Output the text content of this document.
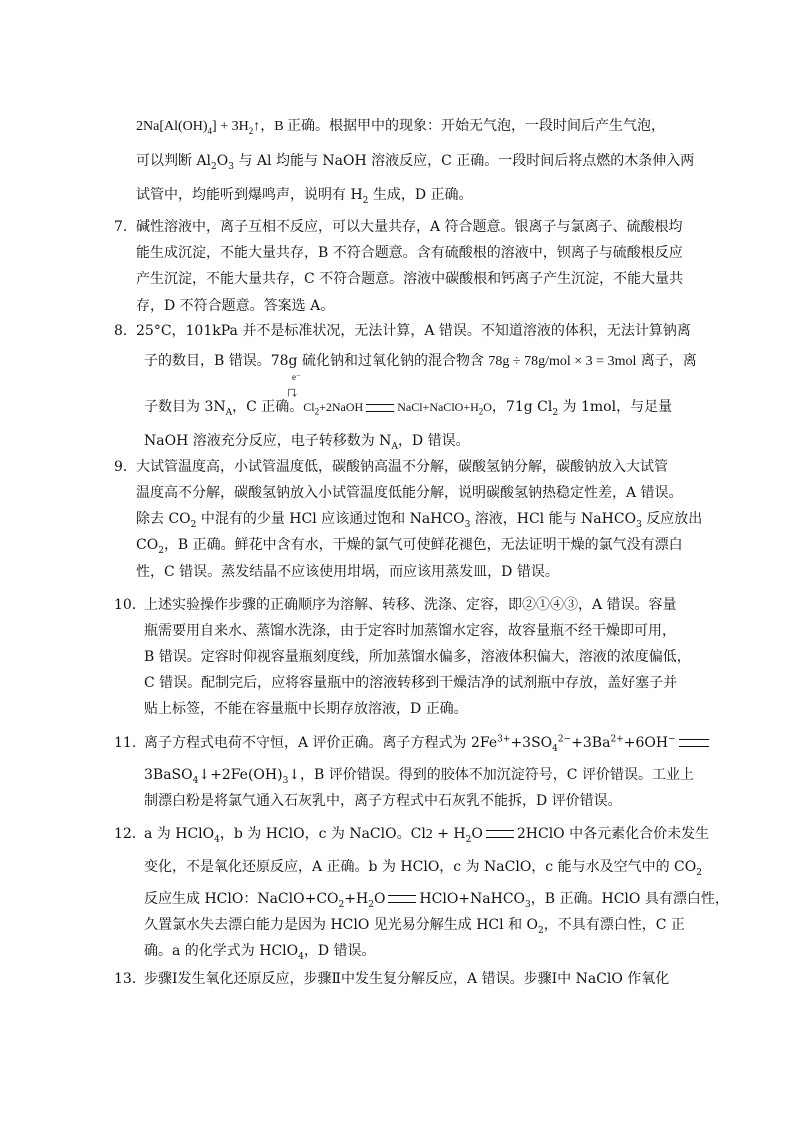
$2Na[Al(OH)_4]$ + $3H_2↑$，B 正确。根据甲中的现象：开始无气泡，一段时间后产生气泡，
可以判断 $Al_2O_3$ 与 Al 均能与 NaOH 溶液反应，C 正确。一段时间后将点燃的木条伸入两
试管中，均能听到爆鸣声，说明有 $H_2$ 生成，D 正确。
7. 碱性溶液中，离子互相不反应，可以大量共存，A 符合题意。银离子与氯离子、硫酸根均
能生成沉淀，不能大量共存，B 不符合题意。含有硫酸根的溶液中，钡离子与硫酸根反应
产生沉淀，不能大量共存，C 不符合题意。溶液中碳酸根和钙离子产生沉淀，不能大量共
存，D 不符合题意。答案选 A。
8． 25°C，101kPa 并不是标准状况，无法计算，A 错误。不知道溶液的体积，无法计算钠离
子的数目，B 错误。78g 硫化钠和过氧化钠的混合物含 78g ÷ 78g/mol × 3 = 3mol 离子，离
子数目为 $3N_A$，C 正确。$Cl_2+2NaOH$	$NaCl+NaClO+H_2O$，71g $Cl_2$ 为 1mol，与足量
e⁻
NaOH 溶液充分反应，电子转移数为 $N_A$，D 错误。
9． 大试管温度高，小试管温度低，碳酸钠高温不分解，碳酸氢钠分解，碳酸钠放入大试管
温度高不分解，碳酸氢钠放入小试管温度低能分解，说明碳酸氢钠热稳定性差，A 错误。
除去 $CO_2$ 中混有的少量 HCl 应该通过饱和 NaHCO$_3$ 溶液，HCl 能与 NaHCO$_3$ 反应放出
$CO_2$，B 正确。鲜花中含有水，干燥的氯气可使鲜花褪色，无法证明干燥的氯气没有漂白
性，C 错误。蒸发结晶不应该使用坩埚，而应该用蒸发皿，D 错误。
10．
上述实验操作步骤的正确顺序为溶解、转移、洗涤、定容，即②①④③，A 错误。容量
瓶需要用自来水、蒸馏水洗涤，由于定容时加蒸馏水定容，故容量瓶不经干燥即可用，
B 错误。定容时仰视容量瓶刻度线，所加蒸馏水偏多，溶液体积偏大，溶液的浓度偏低，
C 错误。配制完后，应将容量瓶中的溶液转移到干燥洁净的试剂瓶中存放，盖好塞子并
贴上标签，不能在容量瓶中长期存放溶液，D 正确。
11. 离子方程式电荷不守恒，A 评价正确。离子方程式为 $2Fe^{3+}+3SO_4^{2-}+3Ba^{2+}+6OH^-$
$3BaSO_4↓+2Fe(OH)_3↓$，B 评价错误。得到的胶体不加沉淀符号，C 评价错误。工业上
制漂白粉是将氯气通入石灰乳中，离子方程式中石灰乳不能拆，D 评价错误。
12．
a 为 HClO$_4$，b 为 HClO，c 为 NaClO。$Cl2 + H_2O$ 2HClO 中各元素化合价未发生
变化，不是氧化还原反应，A 正确。b 为 HClO，c 为 NaClO，c 能与水及空气中的 $CO_2$
反应生成 HClO：$NaClO+CO_2+H_2O$ HClO+NaHCO$_3$，B 正确。HClO 具有漂白性，
久置氯水失去漂白能力是因为 HClO 见光易分解生成 HCl 和 $O_2$，不具有漂白性，C 正
确。a 的化学式为 HClO$_4$，D 错误。
13．
步骤Ⅰ发生氧化还原反应，步骤Ⅱ中发生复分解反应，A 错误。步骤Ⅰ中 NaClO 作氧化
